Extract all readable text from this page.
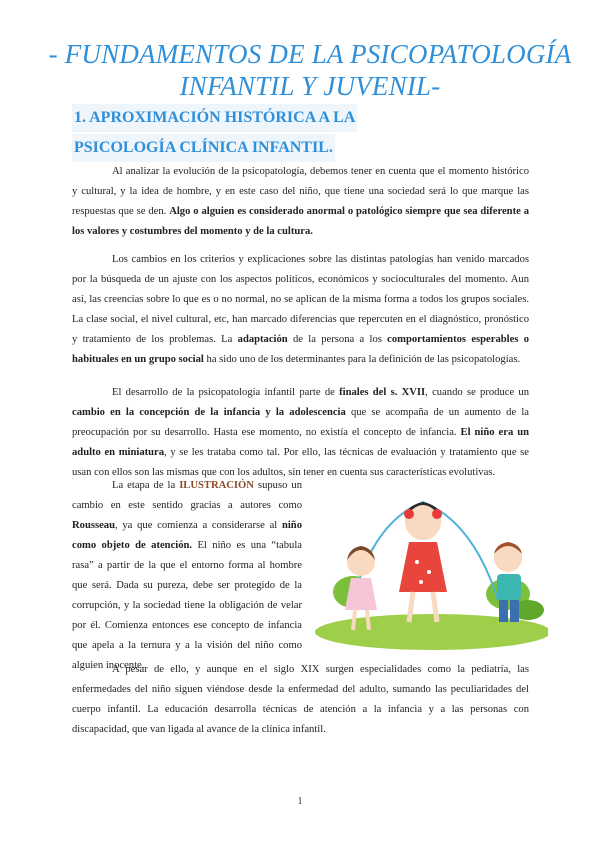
- FUNDAMENTOS DE LA PSICOPATOLOGÍA
INFANTIL Y JUVENIL-
1. APROXIMACIÓN HISTÓRICA A LA
PSICOLOGÍA CLÍNICA INFANTIL.

Al analizar la evolución de la psicopatología, debemos tener en cuenta que el momento histórico y cultural, y la idea de hombre, y en este caso del niño, que tiene una sociedad será lo que marque las respuestas que se den. Algo o alguien es considerado anormal o patológico siempre que sea diferente a los valores y costumbres del momento y de la cultura.

Los cambios en los criterios y explicaciones sobre las distintas patologías han venido marcados por la búsqueda de un ajuste con los aspectos políticos, económicos y socioculturales del momento. Aun así, las creencias sobre lo que es o no normal, no se aplican de la misma forma a todos los grupos sociales. La clase social, el nivel cultural, etc, han marcado diferencias que repercuten en el diagnóstico, pronóstico y tratamiento de los problemas. La adaptación de la persona a los comportamientos esperables o habituales en un grupo social ha sido uno de los determinantes para la definición de las psicopatologías.

El desarrollo de la psicopatología infantil parte de finales del s. XVII, cuando se produce un cambio en la concepción de la infancia y la adolescencia que se acompaña de un aumento de la preocupación por su desarrollo. Hasta ese momento, no existía el concepto de infancia. El niño era un adulto en miniatura, y se les trataba como tal. Por ello, las técnicas de evaluación y tratamiento que se usan con ellos son las mismas que con los adultos, sin tener en cuenta sus características evolutivas.

La etapa de la ILUSTRACIÓN supuso un cambio en este sentido gracias a autores como Rousseau, ya que comienza a considerarse al niño como objeto de atención. El niño es una “tabula rasa” a partir de la que el entorno forma al hombre que será. Dada su pureza, debe ser protegido de la corrupción, y la sociedad tiene la obligación de velar por él. Comienza entonces ese concepto de infancia que apela a la ternura y a la visión del niño como alguien inocente.

A pesar de ello, y aunque en el siglo XIX surgen especialidades como la pediatría, las enfermedades del niño siguen viéndose desde la enfermedad del adulto, sumando las peculiaridades del cuerpo infantil. La educación desarrolla técnicas de atención a la infancia y a las personas con discapacidad, que van ligada al avance de la clínica infantil.

1
